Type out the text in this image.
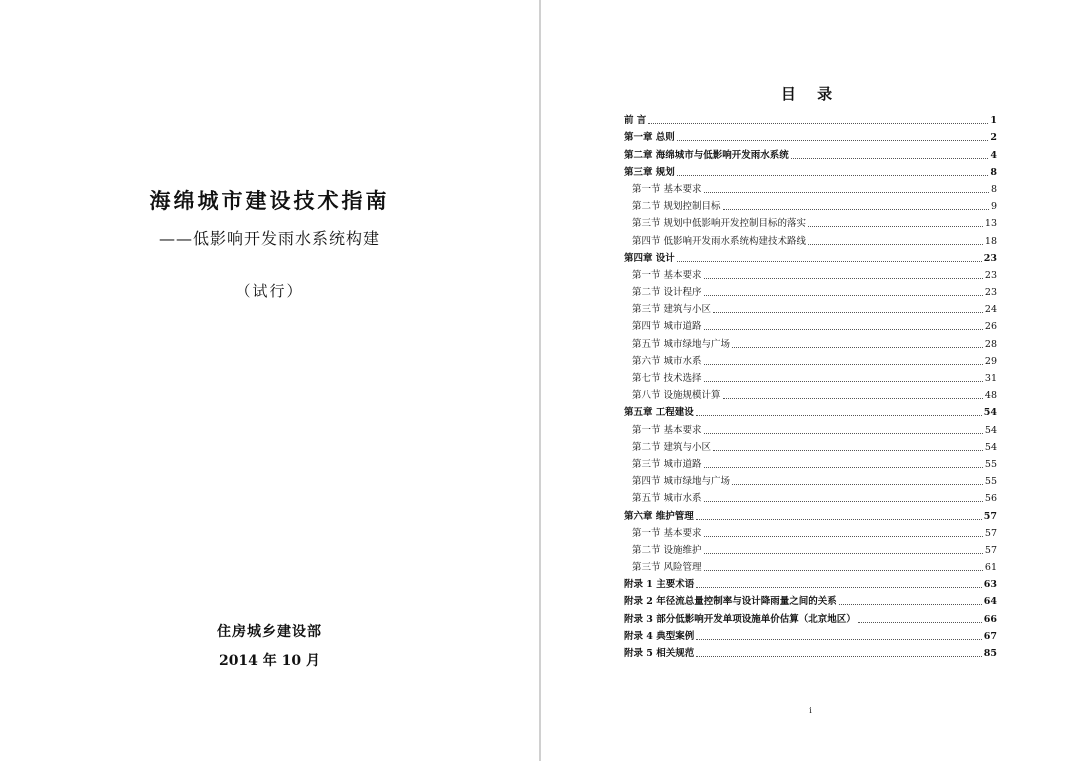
海绵城市建设技术指南
——低影响开发雨水系统构建
（试行）
住房城乡建设部
2014 年 10 月
目 录
前 言	1
第一章 总则	2
第二章 海绵城市与低影响开发雨水系统	4
第三章 规划	8
第一节 基本要求	8
第二节 规划控制目标	9
第三节 规划中低影响开发控制目标的落实	13
第四节 低影响开发雨水系统构建技术路线	18
第四章 设计	23
第一节 基本要求	23
第二节 设计程序	23
第三节 建筑与小区	24
第四节 城市道路	26
第五节 城市绿地与广场	28
第六节 城市水系	29
第七节 技术选择	31
第八节 设施规模计算	48
第五章 工程建设	54
第一节 基本要求	54
第二节 建筑与小区	54
第三节 城市道路	55
第四节 城市绿地与广场	55
第五节 城市水系	56
第六章 维护管理	57
第一节 基本要求	57
第二节 设施维护	57
第三节 风险管理	61
附录 1 主要术语	63
附录 2 年径流总量控制率与设计降雨量之间的关系	64
附录 3 部分低影响开发单项设施单价估算（北京地区）	66
附录 4 典型案例	67
附录 5 相关规范	85
i
